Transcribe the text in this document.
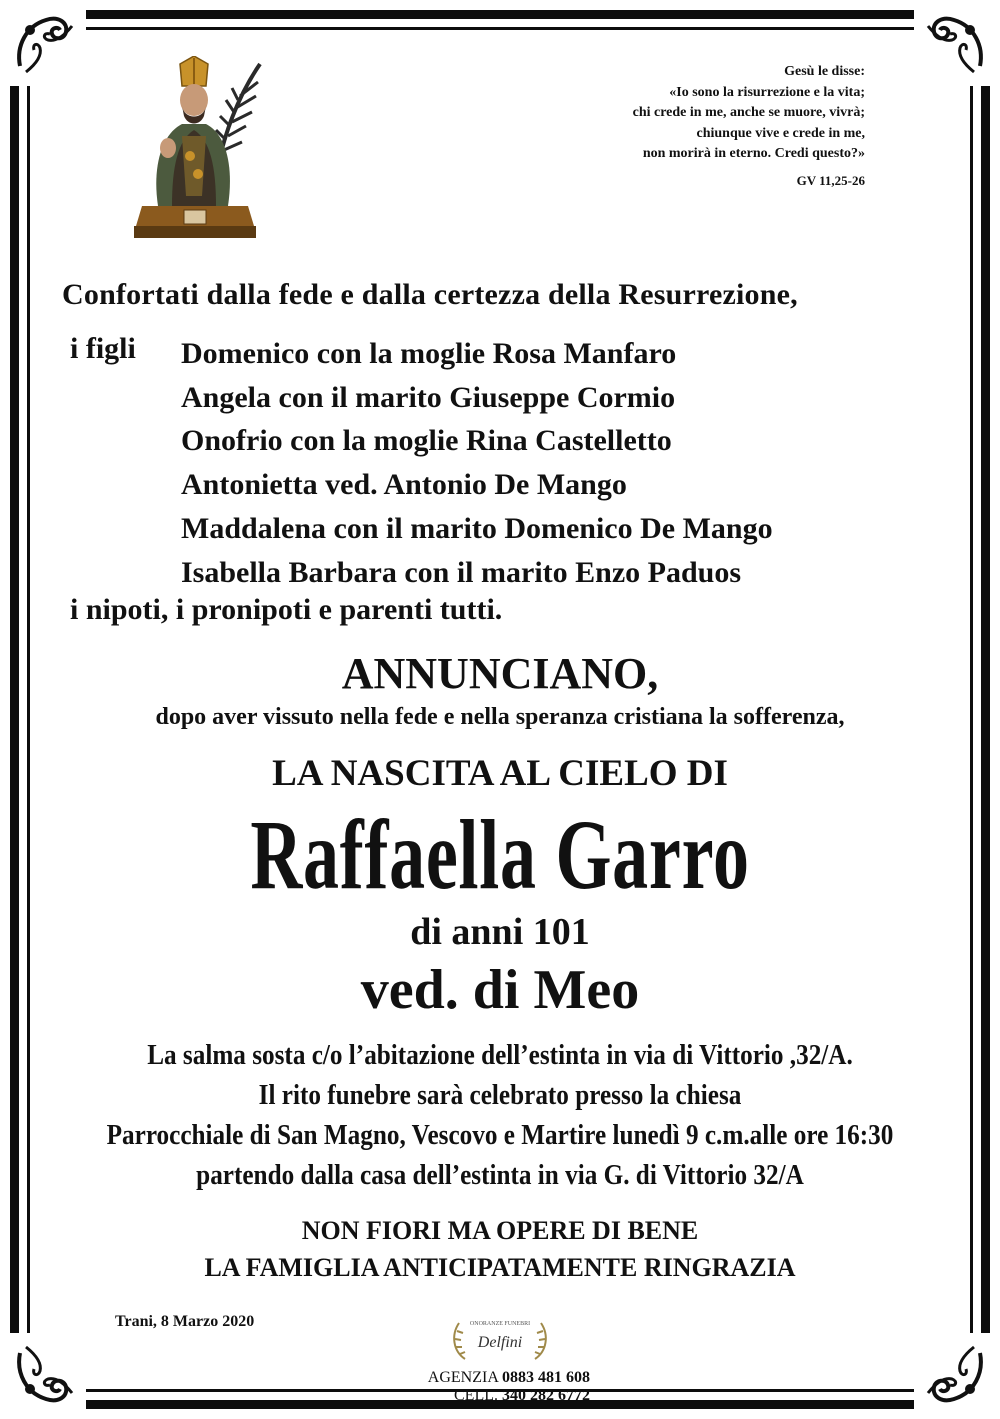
Gesù le disse:
«Io sono la risurrezione e la vita;
chi crede in me, anche se muore, vivrà;
chiunque vive e crede in me,
non morirà in eterno. Credi questo?»
GV 11,25-26
Confortati dalla fede e dalla certezza della Resurrezione,
i figli Domenico con la moglie Rosa Manfaro
Angela con il marito Giuseppe Cormio
Onofrio con la moglie Rina Castelletto
Antonietta ved. Antonio De Mango
Maddalena con il marito Domenico De Mango
Isabella Barbara con il marito Enzo Paduos
i nipoti, i pronipoti e parenti tutti.
ANNUNCIANO,
dopo aver vissuto nella fede e nella speranza cristiana la sofferenza,
LA NASCITA AL CIELO DI
Raffaella Garro
di anni 101
ved. di Meo
La salma sosta c/o l’abitazione dell’estinta in via di Vittorio ,32/A.
Il rito funebre sarà celebrato presso la chiesa
Parrocchiale di San Magno, Vescovo e Martire lunedì 9 c.m.alle ore 16:30
partendo dalla casa dell’estinta in via G. di Vittorio 32/A
NON FIORI MA OPERE DI BENE
LA FAMIGLIA ANTICIPATAMENTE RINGRAZIA
Trani, 8 Marzo 2020	ONORANZE FUNEBRI
Delfini
AGENZIA 0883 481 608
CELL. 340 282 6772
